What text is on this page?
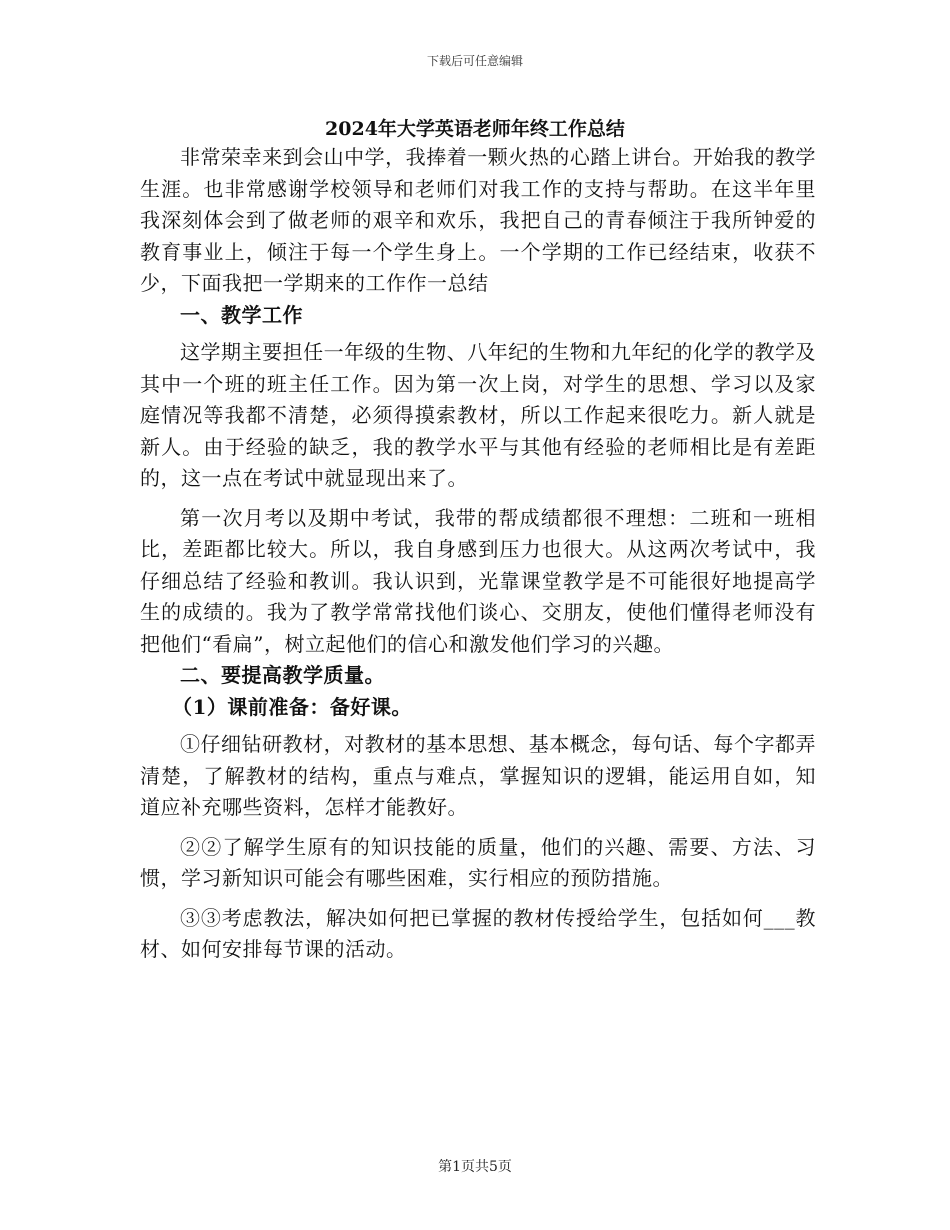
下载后可任意编辑
2024年大学英语老师年终工作总结

非常荣幸来到会山中学，我捧着一颗火热的心踏上讲台。开始我的教学生涯。也非常感谢学校领导和老师们对我工作的支持与帮助。在这半年里我深刻体会到了做老师的艰辛和欢乐，我把自己的青春倾注于我所钟爱的教育事业上，倾注于每一个学生身上。一个学期的工作已经结束，收获不少，下面我把一学期来的工作作一总结

一、教学工作

这学期主要担任一年级的生物、八年纪的生物和九年纪的化学的教学及其中一个班的班主任工作。因为第一次上岗，对学生的思想、学习以及家庭情况等我都不清楚，必须得摸索教材，所以工作起来很吃力。新人就是新人。由于经验的缺乏，我的教学水平与其他有经验的老师相比是有差距的，这一点在考试中就显现出来了。

第一次月考以及期中考试，我带的帮成绩都很不理想：二班和一班相比，差距都比较大。所以，我自身感到压力也很大。从这两次考试中，我仔细总结了经验和教训。我认识到，光靠课堂教学是不可能很好地提高学生的成绩的。我为了教学常常找他们谈心、交朋友，使他们懂得老师没有把他们“看扁”，树立起他们的信心和激发他们学习的兴趣。

二、要提高教学质量。

（1）课前准备：备好课。

①仔细钻研教材，对教材的基本思想、基本概念，每句话、每个字都弄清楚，了解教材的结构，重点与难点，掌握知识的逻辑，能运用自如，知道应补充哪些资料，怎样才能教好。

②②了解学生原有的知识技能的质量，他们的兴趣、需要、方法、习惯，学习新知识可能会有哪些困难，实行相应的预防措施。

③③考虑教法，解决如何把已掌握的教材传授给学生，包括如何___教材、如何安排每节课的活动。

第1页共5页
